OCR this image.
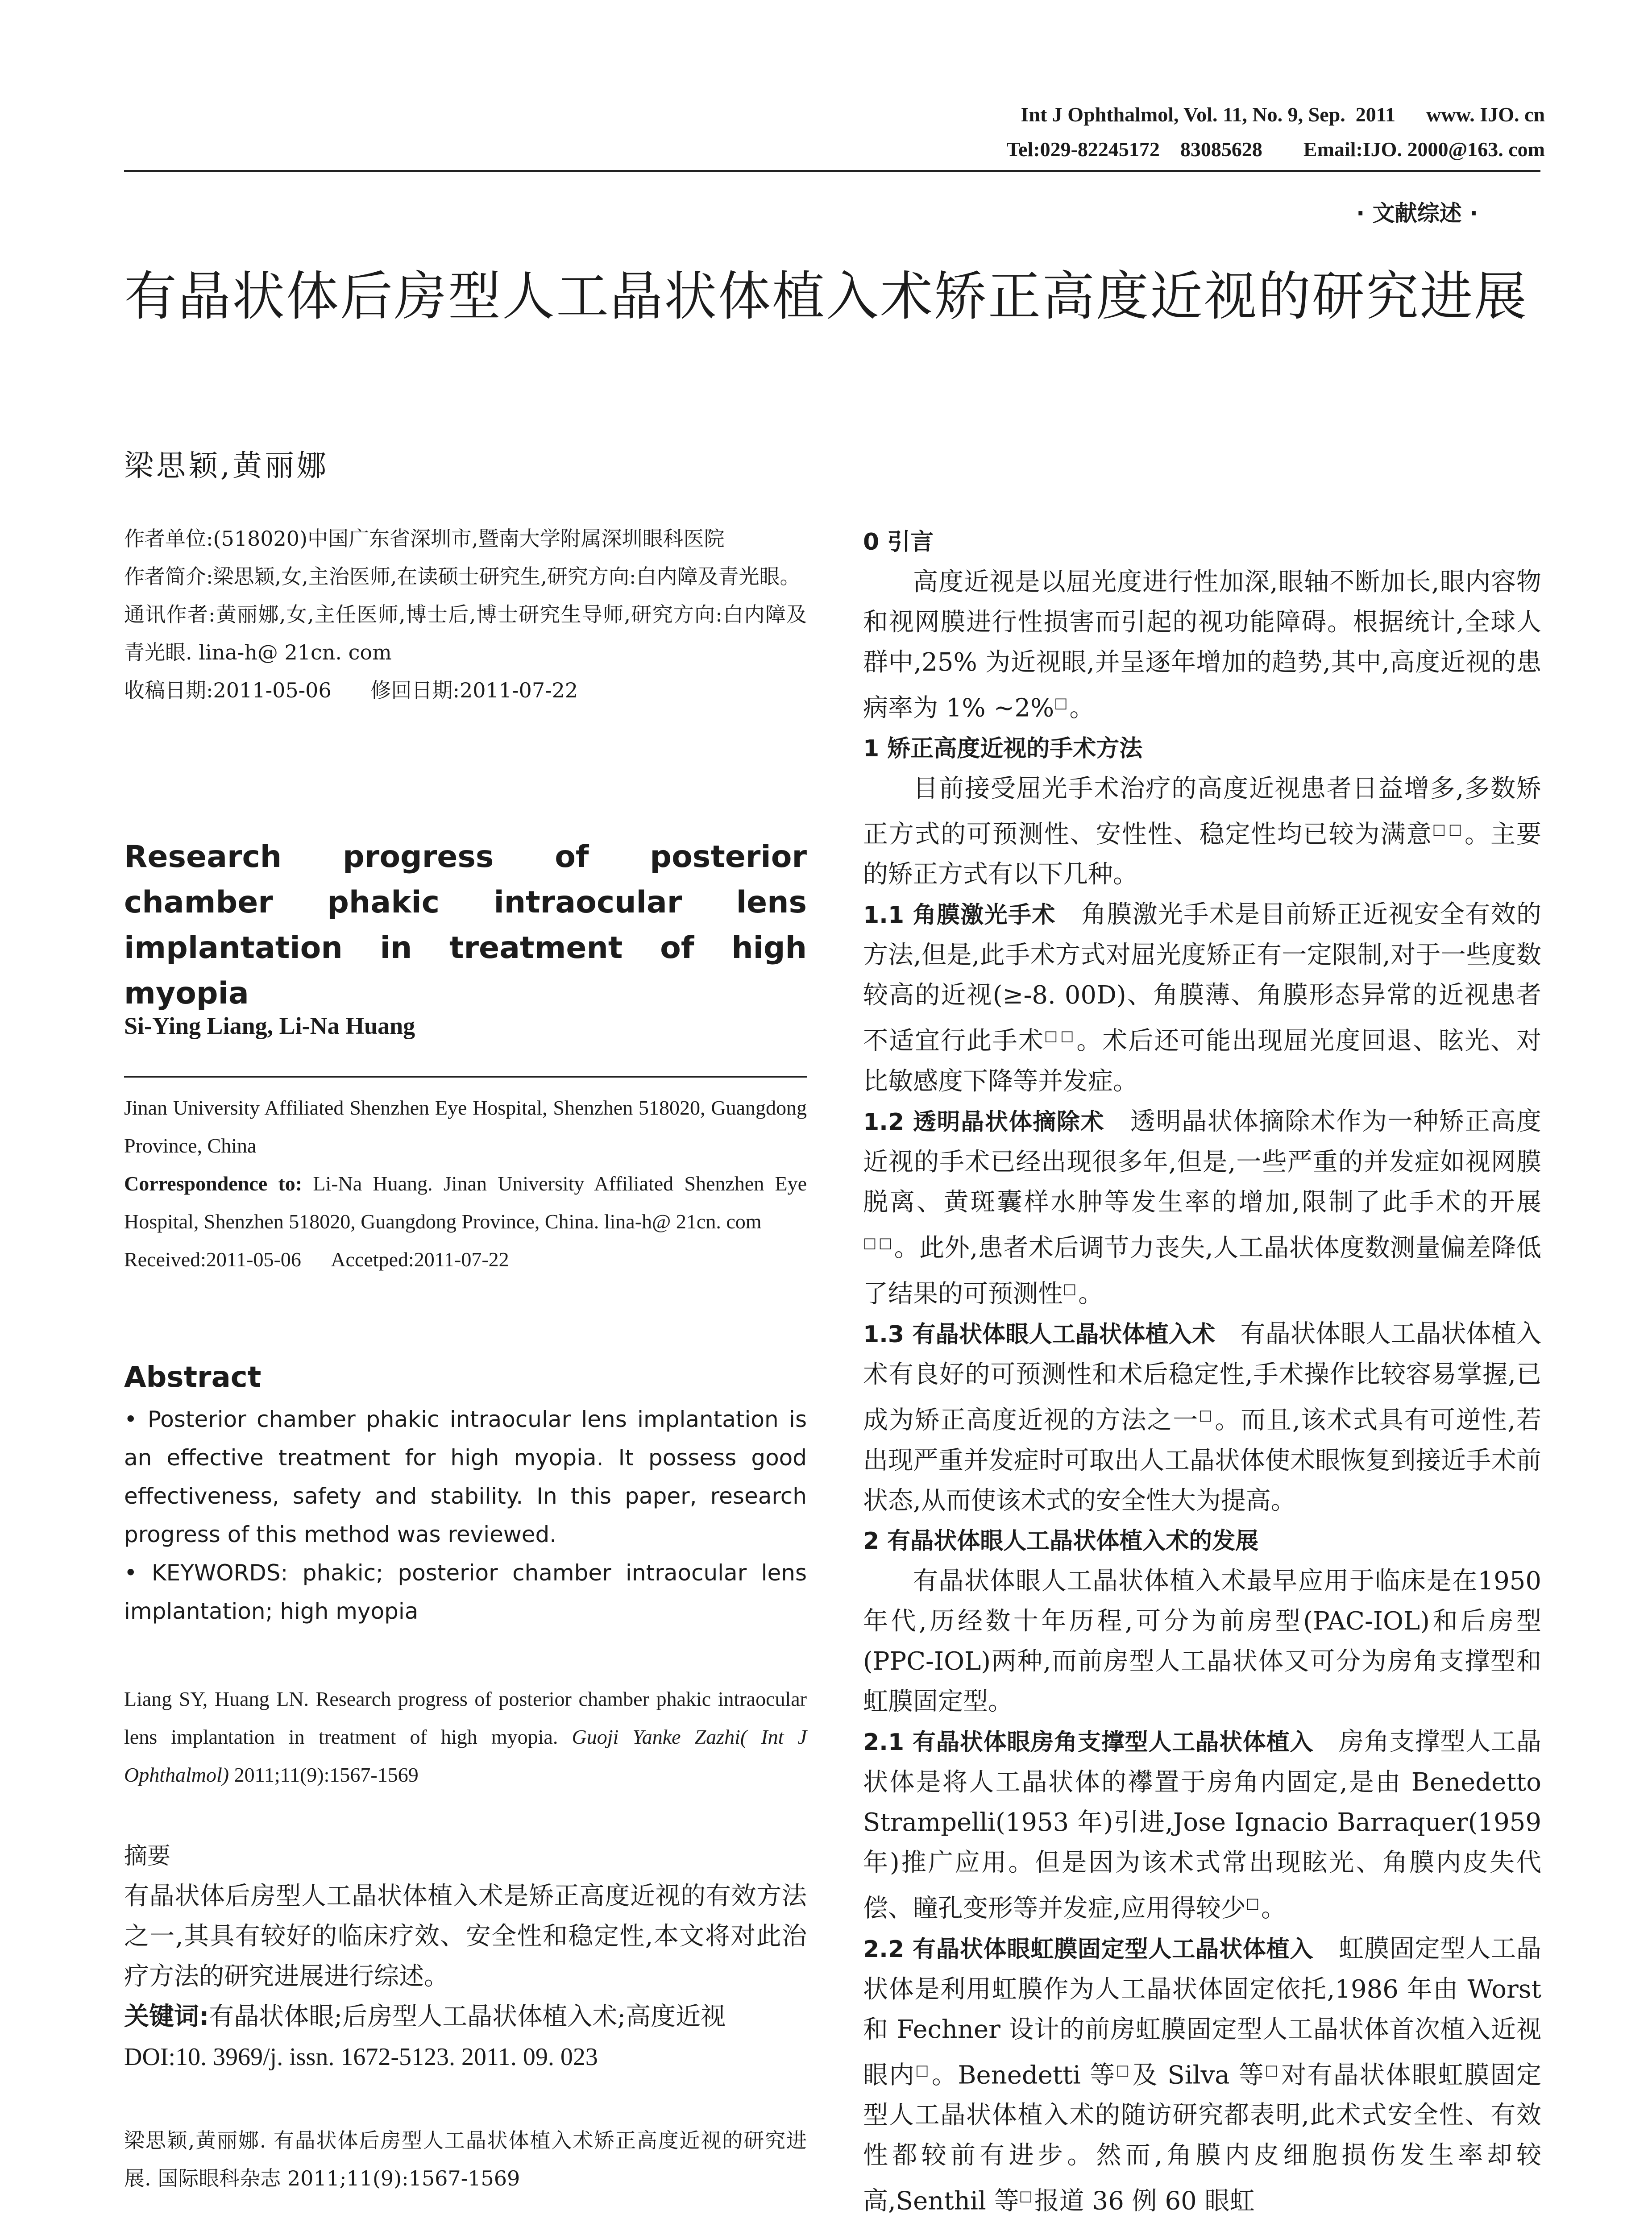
Int J Ophthalmol, Vol. 11, No. 9, Sep.  2011      www. IJO. cn
Tel:029-82245172    83085628        Email:IJO. 2000@163. com
· 文献综述 ·
有晶状体后房型人工晶状体植入术矫正高度近视的研究进展
梁思颖,黄丽娜

作者单位:(518020)中国广东省深圳市,暨南大学附属深圳眼科医院

作者简介:梁思颖,女,主治医师,在读硕士研究生,研究方向:白内障及青光眼。

通讯作者:黄丽娜,女,主任医师,博士后,博士研究生导师,研究方向:白内障及青光眼. lina-h@ 21cn. com

收稿日期:2011-05-06      修回日期:2011-07-22

Research progress of posterior chamber phakic intraocular lens implantation in treatment of high myopia

Si-Ying Liang, Li-Na Huang

Jinan University Affiliated Shenzhen Eye Hospital, Shenzhen 518020, Guangdong Province, China

Correspondence to: Li-Na Huang. Jinan University Affiliated Shenzhen Eye Hospital, Shenzhen 518020, Guangdong Province, China. lina-h@ 21cn. com

Received:2011-05-06      Accetped:2011-07-22

Abstract

• Posterior chamber phakic intraocular lens implantation is an effective treatment for high myopia. It possess good effectiveness, safety and stability. In this paper, research progress of this method was reviewed.

• KEYWORDS: phakic; posterior chamber intraocular lens implantation; high myopia

Liang SY, Huang LN. Research progress of posterior chamber phakic intraocular lens implantation in treatment of high myopia. Guoji Yanke Zazhi( Int J Ophthalmol) 2011;11(9):1567-1569

摘要

有晶状体后房型人工晶状体植入术是矫正高度近视的有效方法之一,其具有较好的临床疗效、安全性和稳定性,本文将对此治疗方法的研究进展进行综述。

关键词:有晶状体眼;后房型人工晶状体植入术;高度近视

DOI:10. 3969/j. issn. 1672-5123. 2011. 09. 023

梁思颖,黄丽娜. 有晶状体后房型人工晶状体植入术矫正高度近视的研究进展. 国际眼科杂志 2011;11(9):1567-1569

0 引言

高度近视是以屈光度进行性加深,眼轴不断加长,眼内容物和视网膜进行性损害而引起的视功能障碍。根据统计,全球人群中,25% 为近视眼,并呈逐年增加的趋势,其中,高度近视的患病率为 1% ~2%□。

1 矫正高度近视的手术方法

目前接受屈光手术治疗的高度近视患者日益增多,多数矫正方式的可预测性、安性性、稳定性均已较为满意□□。主要的矫正方式有以下几种。

1.1 角膜激光手术  角膜激光手术是目前矫正近视安全有效的方法,但是,此手术方式对屈光度矫正有一定限制,对于一些度数较高的近视(≥-8. 00D)、角膜薄、角膜形态异常的近视患者不适宜行此手术□□。术后还可能出现屈光度回退、眩光、对比敏感度下降等并发症。

1.2 透明晶状体摘除术  透明晶状体摘除术作为一种矫正高度近视的手术已经出现很多年,但是,一些严重的并发症如视网膜脱离、黄斑囊样水肿等发生率的增加,限制了此手术的开展□□。此外,患者术后调节力丧失,人工晶状体度数测量偏差降低了结果的可预测性□。

1.3 有晶状体眼人工晶状体植入术  有晶状体眼人工晶状体植入术有良好的可预测性和术后稳定性,手术操作比较容易掌握,已成为矫正高度近视的方法之一□。而且,该术式具有可逆性,若出现严重并发症时可取出人工晶状体使术眼恢复到接近手术前状态,从而使该术式的安全性大为提高。

2 有晶状体眼人工晶状体植入术的发展

有晶状体眼人工晶状体植入术最早应用于临床是在1950 年代,历经数十年历程,可分为前房型(PAC-IOL)和后房型(PPC-IOL)两种,而前房型人工晶状体又可分为房角支撑型和虹膜固定型。

2.1 有晶状体眼房角支撑型人工晶状体植入  房角支撑型人工晶状体是将人工晶状体的襻置于房角内固定,是由 Benedetto Strampelli(1953 年)引进,Jose Ignacio Barraquer(1959 年)推广应用。但是因为该术式常出现眩光、角膜内皮失代偿、瞳孔变形等并发症,应用得较少□。

2.2 有晶状体眼虹膜固定型人工晶状体植入  虹膜固定型人工晶状体是利用虹膜作为人工晶状体固定依托,1986 年由 Worst 和 Fechner 设计的前房虹膜固定型人工晶状体首次植入近视眼内□。Benedetti 等□及 Silva 等□对有晶状体眼虹膜固定型人工晶状体植入术的随访研究都表明,此术式安全性、有效性都较前有进步。然而,角膜内皮细胞损伤发生率却较高,Senthil 等□报道 36 例 60 眼虹
